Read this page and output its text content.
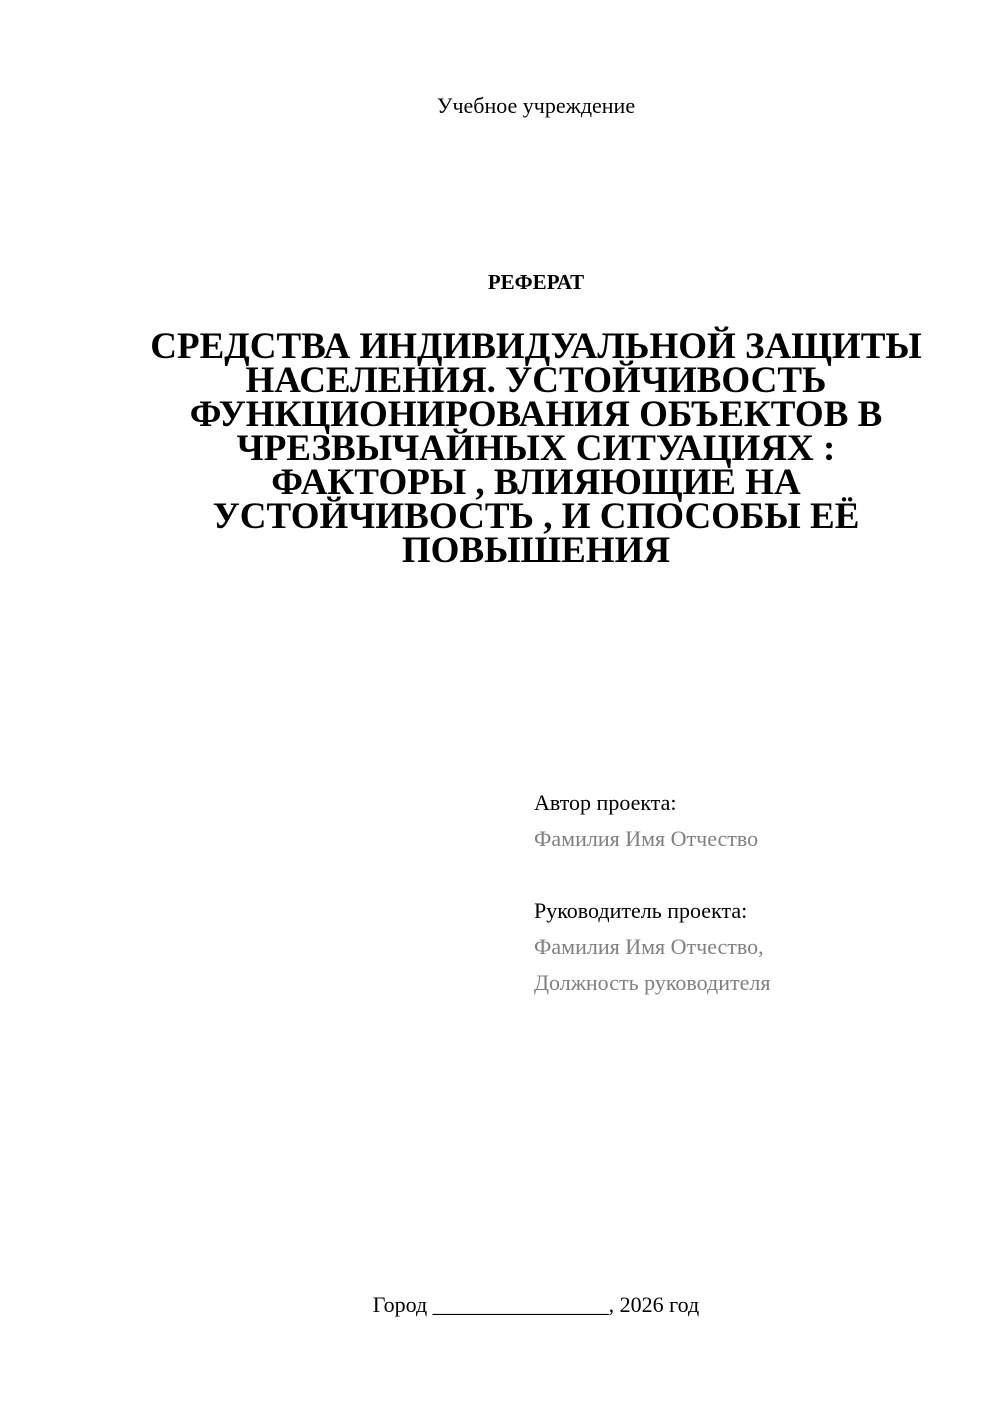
Учебное учреждение
РЕФЕРАТ
СРЕДСТВА ИНДИВИДУАЛЬНОЙ ЗАЩИТЫ НАСЕЛЕНИЯ. УСТОЙЧИВОСТЬ ФУНКЦИОНИРОВАНИЯ ОБЪЕКТОВ В ЧРЕЗВЫЧАЙНЫХ СИТУАЦИЯХ : ФАКТОРЫ , ВЛИЯЮЩИЕ НА УСТОЙЧИВОСТЬ , И СПОСОБЫ ЕЁ ПОВЫШЕНИЯ
Автор проекта:
Фамилия Имя Отчество
Руководитель проекта:
Фамилия Имя Отчество,
Должность руководителя
Город ________________, 2026 год
